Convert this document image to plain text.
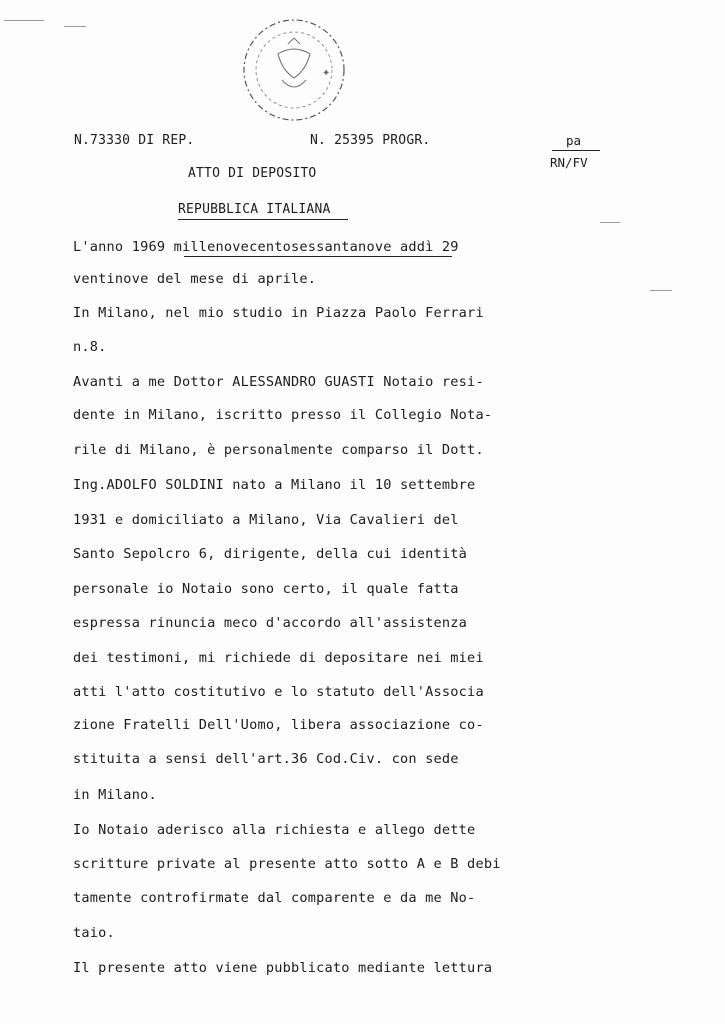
✦
N.73330 DI REP.	N. 25395 PROGR.
ATTO DI DEPOSITO
REPUBBLICA ITALIANA
pa
RN/FV
L'anno 1969 millenovecentosessantanove addì 29
ventinove del mese di aprile.
In Milano, nel mio studio in Piazza Paolo Ferrari
n.8.
Avanti a me Dottor ALESSANDRO GUASTI Notaio resi-
dente in Milano, iscritto presso il Collegio Nota-
rile di Milano, è personalmente comparso il Dott.
Ing.ADOLFO SOLDINI nato a Milano il 10 settembre
1931 e domiciliato a Milano, Via Cavalieri del
Santo Sepolcro 6, dirigente, della cui identità
personale io Notaio sono certo, il quale fatta
espressa rinuncia meco d'accordo all'assistenza
dei testimoni, mi richiede di depositare nei miei
atti l'atto costitutivo e lo statuto dell'Associa
zione Fratelli Dell'Uomo, libera associazione co-
stituita a sensi dell'art.36 Cod.Civ. con sede
in Milano.
Io Notaio aderisco alla richiesta e allego dette
scritture private al presente atto sotto A e B debi
tamente controfirmate dal comparente e da me No-
taio.
Il presente atto viene pubblicato mediante lettura
